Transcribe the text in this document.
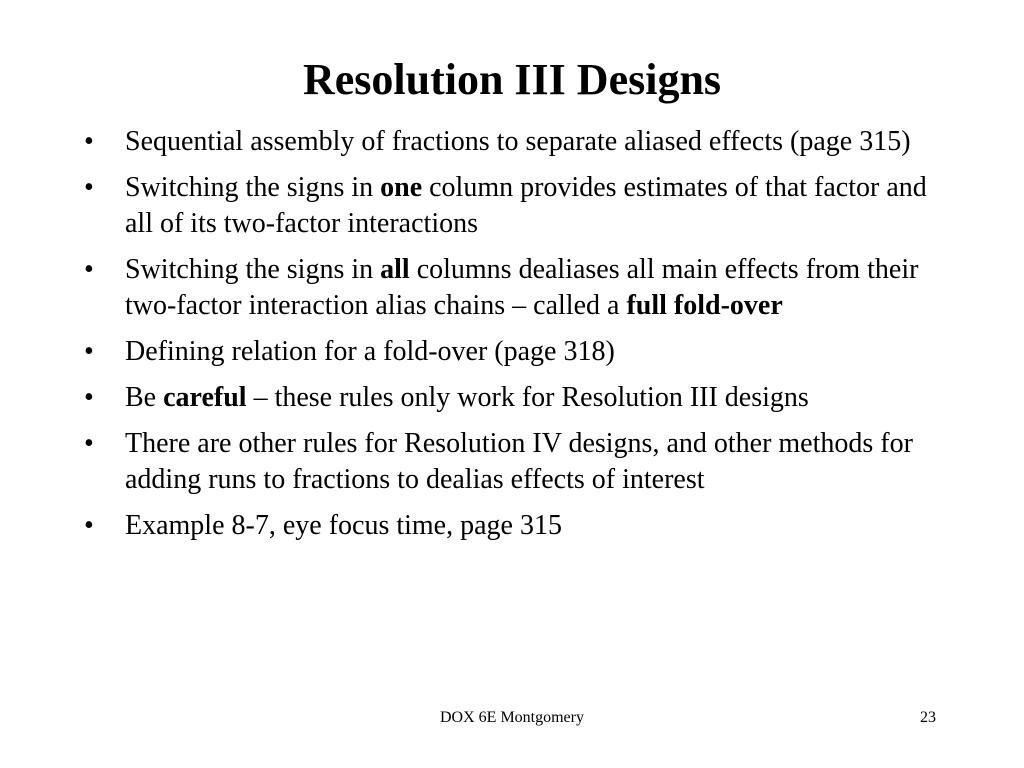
Resolution III Designs
• Sequential assembly of fractions to separate aliased effects (page 315)
• Switching the signs in one column provides estimates of that factor and all of its two-factor interactions
• Switching the signs in all columns dealiases all main effects from their two-factor interaction alias chains – called a full fold-over
• Defining relation for a fold-over (page 318)
• Be careful – these rules only work for Resolution III designs
• There are other rules for Resolution IV designs, and other methods for adding runs to fractions to dealias effects of interest
• Example 8-7, eye focus time, page 315
DOX 6E Montgomery	23
